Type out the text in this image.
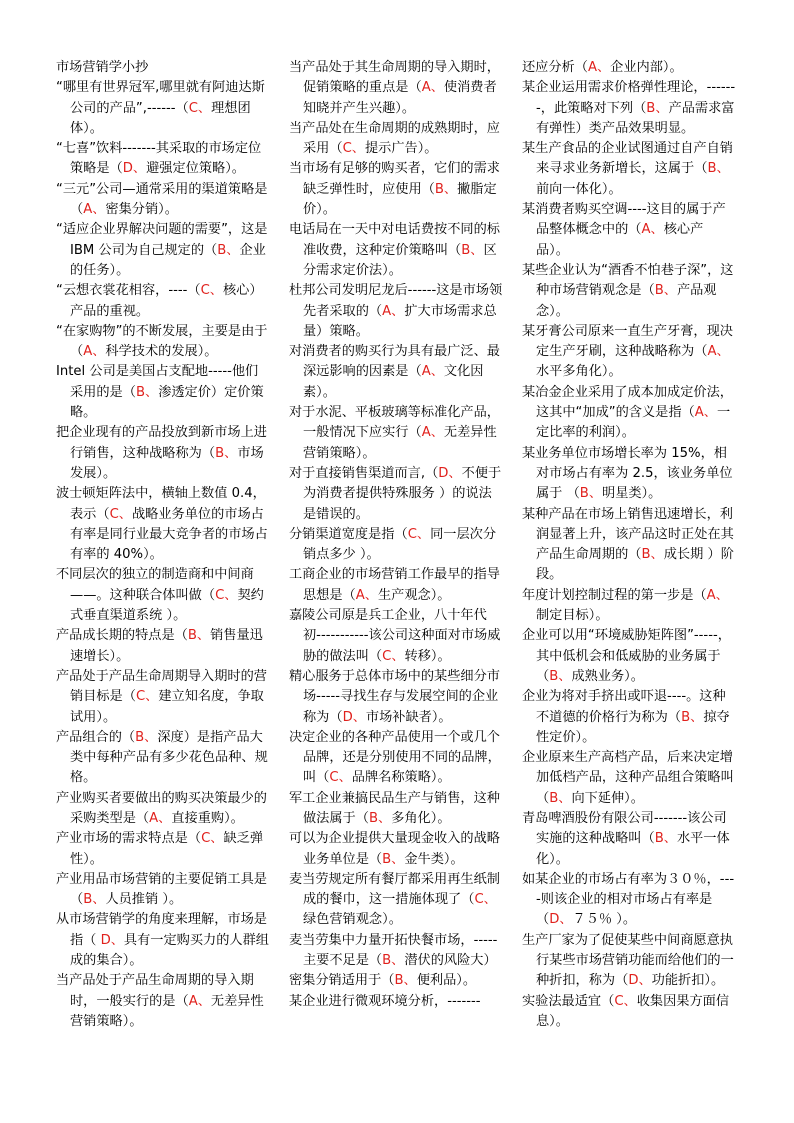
市场营销学小抄

“哪里有世界冠军,哪里就有阿迪达斯公司的产品”,------（C、理想团体）。

“七喜”饮料-------其采取的市场定位策略是（D、避强定位策略）。

“三元”公司—通常采用的渠道策略是（A、密集分销）。

“适应企业界解决问题的需要”，这是 IBM 公司为自己规定的（B、企业的任务）。

“云想衣裳花相容，----（C、核心）产品的重视。

“在家购物”的不断发展，主要是由于（A、科学技术的发展）。

Intel 公司是美国占支配地-----他们采用的是（B、渗透定价）定价策略。

把企业现有的产品投放到新市场上进行销售，这种战略称为（B、市场发展）。

波士顿矩阵法中，横轴上数值 0.4，表示（C、战略业务单位的市场占有率是同行业最大竞争者的市场占有率的 40%）。

不同层次的独立的制造商和中间商——。这种联合体叫做（C、契约式垂直渠道系统 ）。

产品成长期的特点是（B、销售量迅速增长）。

产品处于产品生命周期导入期时的营销目标是（C、建立知名度，争取试用）。

产品组合的（B、深度）是指产品大类中每种产品有多少花色品种、规格。

产业购买者要做出的购买决策最少的采购类型是（A、直接重购）。

产业市场的需求特点是（C、缺乏弹性）。

产业用品市场营销的主要促销工具是（B、人员推销 ）。

从市场营销学的角度来理解，市场是指（ D、具有一定购买力的人群组成的集合）。

当产品处于产品生命周期的导入期时，一般实行的是（A、无差异性营销策略）。

当产品处于其生命周期的导入期时，促销策略的重点是（A、使消费者知晓并产生兴趣）。

当产品处在生命周期的成熟期时，应采用（C、提示广告）。

当市场有足够的购买者，它们的需求缺乏弹性时，应使用（B、撇脂定价）。

电话局在一天中对电话费按不同的标准收费，这种定价策略叫（B、区分需求定价法）。

杜邦公司发明尼龙后------这是市场领先者采取的（A、扩大市场需求总量）策略。

对消费者的购买行为具有最广泛、最深远影响的因素是（A、文化因素）。

对于水泥、平板玻璃等标准化产品，一般情况下应实行（A、无差异性营销策略）。

对于直接销售渠道而言,（D、不便于为消费者提供特殊服务 ）的说法是错误的。

分销渠道宽度是指（C、同一层次分销点多少 ）。

工商企业的市场营销工作最早的指导思想是（A、生产观念）。

嘉陵公司原是兵工企业，八十年代初-----------该公司这种面对市场威胁的做法叫（C、转移）。

精心服务于总体市场中的某些细分市场-----寻找生存与发展空间的企业称为（D、市场补缺者）。

决定企业的各种产品使用一个或几个品牌，还是分别使用不同的品牌，叫（C、品牌名称策略）。

军工企业兼搞民品生产与销售，这种做法属于（B、多角化）。

可以为企业提供大量现金收入的战略业务单位是（B、金牛类）。

麦当劳规定所有餐厅都采用再生纸制成的餐巾，这一措施体现了（C、绿色营销观念）。

麦当劳集中力量开拓快餐市场，-----主要不足是（B、潜伏的风险大）

密集分销适用于（B、便利品）。

某企业进行微观环境分析，-------

还应分析（A、企业内部）。

某企业运用需求价格弹性理论，-------，此策略对下列（B、产品需求富有弹性）类产品效果明显。

某生产食品的企业试图通过自产自销来寻求业务新增长，这属于（B、前向一体化）。

某消费者购买空调----这目的属于产品整体概念中的（A、核心产品）。

某些企业认为“酒香不怕巷子深”，这种市场营销观念是（B、产品观念）。

某牙膏公司原来一直生产牙膏，现决定生产牙刷，这种战略称为（A、水平多角化）。

某冶金企业采用了成本加成定价法，这其中“加成”的含义是指（A、一定比率的利润）。

某业务单位市场增长率为 15%，相对市场占有率为 2.5，该业务单位属于 （B、明星类）。

某种产品在市场上销售迅速增长，利润显著上升，该产品这时正处在其产品生命周期的（B、成长期 ）阶段。

年度计划控制过程的第一步是（A、制定目标）。

企业可以用“环境威胁矩阵图”-----，其中低机会和低威胁的业务属于（B、成熟业务）。

企业为将对手挤出或吓退----。这种不道德的价格行为称为（B、掠夺性定价）。

企业原来生产高档产品，后来决定增加低档产品，这种产品组合策略叫（B、向下延伸）。

青岛啤酒股份有限公司-------该公司实施的这种战略叫（B、水平一体化）。

如某企业的市场占有率为３０％，----则该企业的相对市场占有率是（D、７５％ ）。

生产厂家为了促使某些中间商愿意执行某些市场营销功能而给他们的一种折扣，称为（D、功能折扣）。

实验法最适宜（C、收集因果方面信息）。
